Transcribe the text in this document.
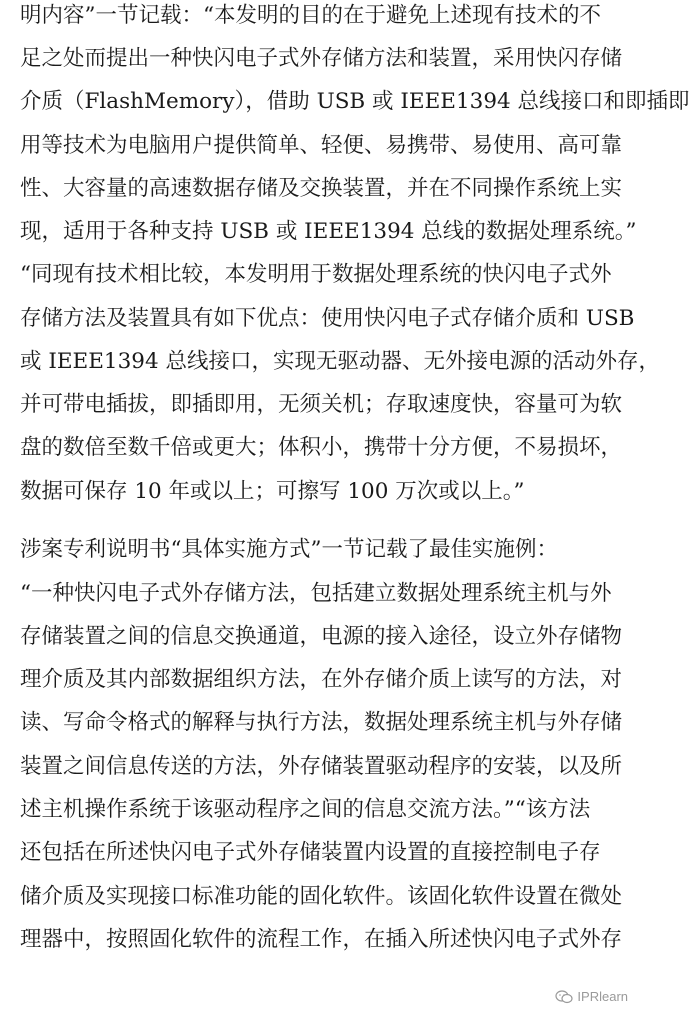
明内容”一节记载：“本发明的目的在于避免上述现有技术的不
足之处而提出一种快闪电子式外存储方法和装置，采用快闪存储
介质（FlashMemory），借助 USB 或 IEEE1394 总线接口和即插即
用等技术为电脑用户提供简单、轻便、易携带、易使用、高可靠
性、大容量的高速数据存储及交换装置，并在不同操作系统上实
现，适用于各种支持 USB 或 IEEE1394 总线的数据处理系统。”
“同现有技术相比较，本发明用于数据处理系统的快闪电子式外
存储方法及装置具有如下优点：使用快闪电子式存储介质和 USB
或 IEEE1394 总线接口，实现无驱动器、无外接电源的活动外存，
并可带电插拔，即插即用，无须关机；存取速度快，容量可为软
盘的数倍至数千倍或更大；体积小，携带十分方便，不易损坏，
数据可保存 10 年或以上；可擦写 100 万次或以上。”
涉案专利说明书“具体实施方式”一节记载了最佳实施例：
“一种快闪电子式外存储方法，包括建立数据处理系统主机与外
存储装置之间的信息交换通道，电源的接入途径，设立外存储物
理介质及其内部数据组织方法，在外存储介质上读写的方法，对
读、写命令格式的解释与执行方法，数据处理系统主机与外存储
装置之间信息传送的方法，外存储装置驱动程序的安装，以及所
述主机操作系统于该驱动程序之间的信息交流方法。”“该方法
还包括在所述快闪电子式外存储装置内设置的直接控制电子存
储介质及实现接口标准功能的固化软件。该固化软件设置在微处
理器中，按照固化软件的流程工作，在插入所述快闪电子式外存
IPRlearn
